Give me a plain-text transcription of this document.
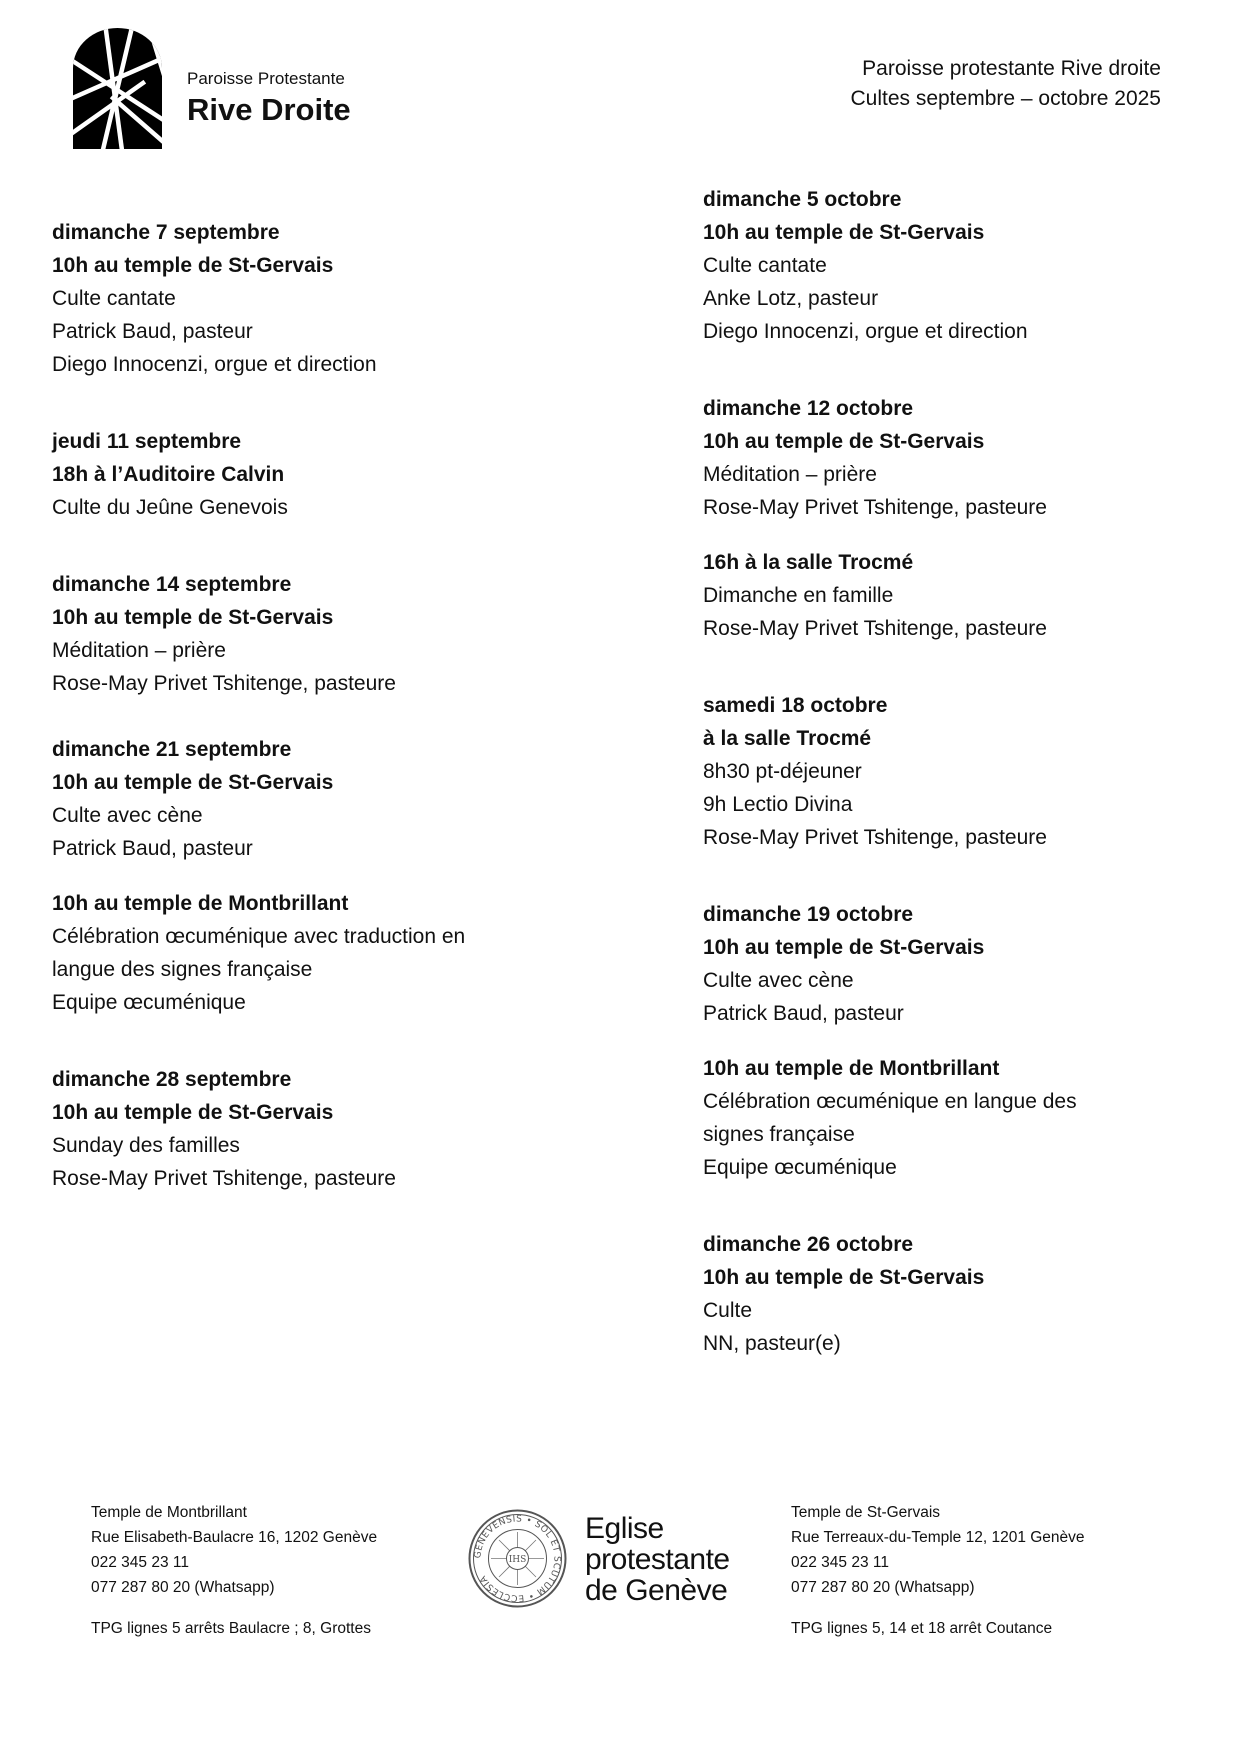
Paroisse Protestante
Rive Droite
Paroisse protestante Rive droite
Cultes septembre – octobre 2025
dimanche 7 septembre
10h au temple de St-Gervais
Culte cantate
Patrick Baud, pasteur
Diego Innocenzi, orgue et direction
jeudi 11 septembre
18h à l’Auditoire Calvin
Culte du Jeûne Genevois
dimanche 14 septembre
10h au temple de St-Gervais
Méditation – prière
Rose-May Privet Tshitenge, pasteure
dimanche 21 septembre
10h au temple de St-Gervais
Culte avec cène
Patrick Baud, pasteur
10h au temple de Montbrillant
Célébration œcuménique avec traduction en
langue des signes française
Equipe œcuménique
dimanche 28 septembre
10h au temple de St-Gervais
Sunday des familles
Rose-May Privet Tshitenge, pasteure
dimanche 5 octobre
10h au temple de St-Gervais
Culte cantate
Anke Lotz, pasteur
Diego Innocenzi, orgue et direction
dimanche 12 octobre
10h au temple de St-Gervais
Méditation – prière
Rose-May Privet Tshitenge, pasteure
16h à la salle Trocmé
Dimanche en famille
Rose-May Privet Tshitenge, pasteure
samedi 18 octobre
à la salle Trocmé
8h30 pt-déjeuner
9h Lectio Divina
Rose-May Privet Tshitenge, pasteure
dimanche 19 octobre
10h au temple de St-Gervais
Culte avec cène
Patrick Baud, pasteur
10h au temple de Montbrillant
Célébration œcuménique en langue des
signes française
Equipe œcuménique
dimanche 26 octobre
10h au temple de St-Gervais
Culte
NN, pasteur(e)
Temple de Montbrillant
Rue Elisabeth-Baulacre 16, 1202 Genève
022 345 23 11
077 287 80 20 (Whatsapp)
TPG lignes 5 arrêts Baulacre ; 8, Grottes
GENEVENSIS • SOL ET SCUTUM • ECCLESIA
IHS
Eglise
protestante
de Genève
Temple de St-Gervais
Rue Terreaux-du-Temple 12, 1201 Genève
022 345 23 11
077 287 80 20 (Whatsapp)
TPG lignes 5, 14 et 18 arrêt Coutance
